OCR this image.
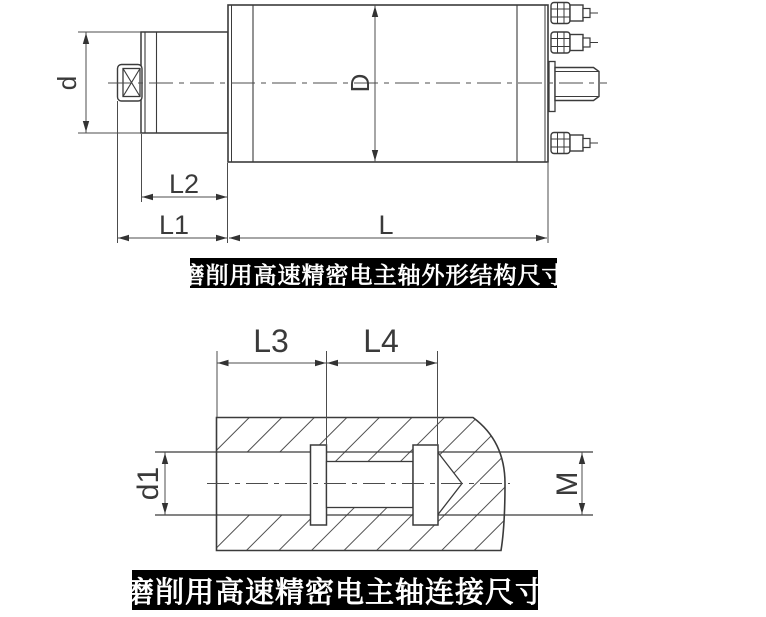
d	D
L2
L1	L
L3 L4
d1	M
磨削用高速精密电主轴外形结构尺寸
磨削用高速精密电主轴连接尺寸
